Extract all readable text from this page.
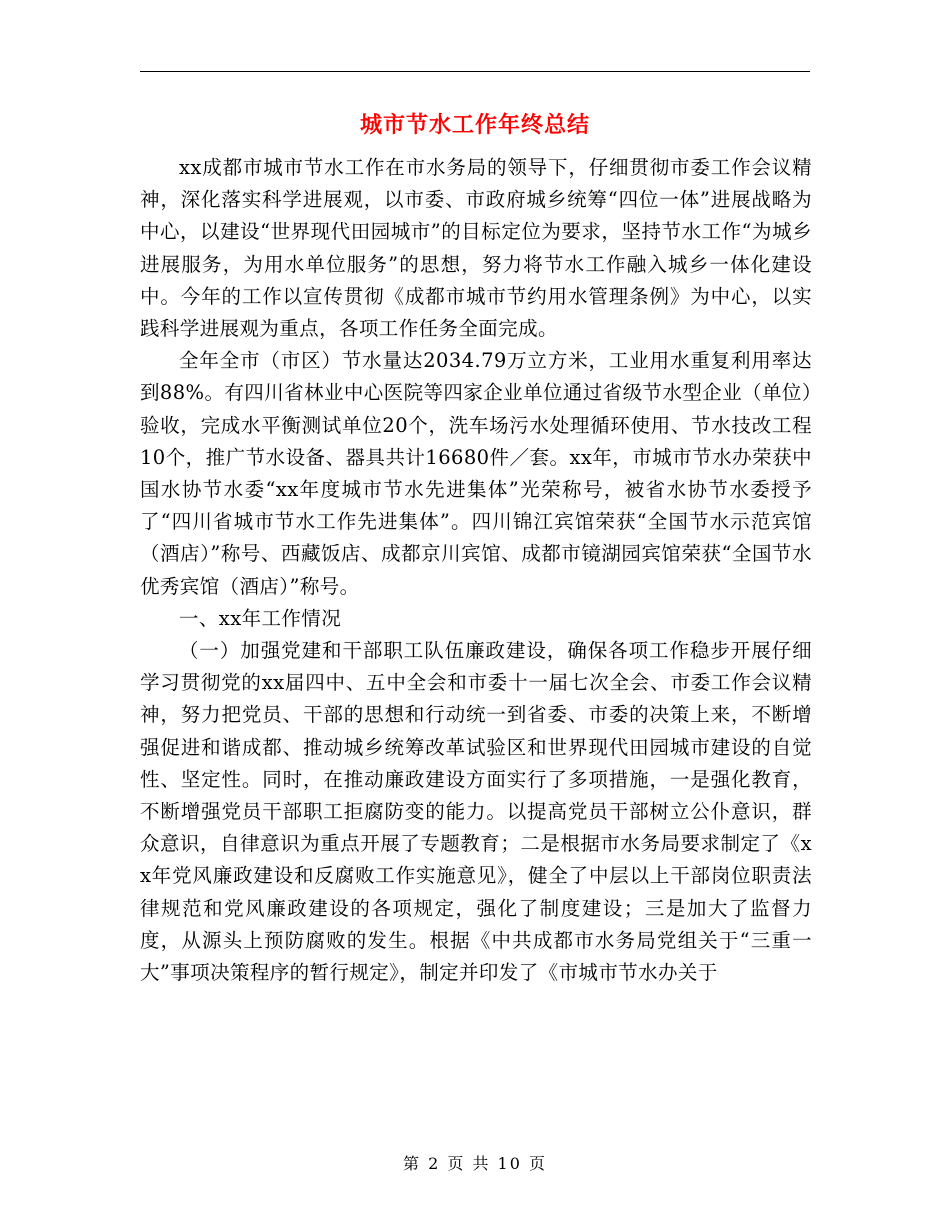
城市节水工作年终总结

xx成都市城市节水工作在市水务局的领导下，仔细贯彻市委工作会议精神，深化落实科学进展观，以市委、市政府城乡统筹“四位一体”进展战略为中心，以建设“世界现代田园城市”的目标定位为要求，坚持节水工作“为城乡进展服务，为用水单位服务”的思想，努力将节水工作融入城乡一体化建设中。今年的工作以宣传贯彻《成都市城市节约用水管理条例》为中心，以实践科学进展观为重点，各项工作任务全面完成。

全年全市（市区）节水量达2034.79万立方米，工业用水重复利用率达到88%。有四川省林业中心医院等四家企业单位通过省级节水型企业（单位）验收，完成水平衡测试单位20个，洗车场污水处理循环使用、节水技改工程10个，推广节水设备、器具共计16680件／套。xx年，市城市节水办荣获中国水协节水委“xx年度城市节水先进集体”光荣称号，被省水协节水委授予了“四川省城市节水工作先进集体”。四川锦江宾馆荣获“全国节水示范宾馆（酒店）”称号、西藏饭店、成都京川宾馆、成都市镜湖园宾馆荣获“全国节水优秀宾馆（酒店）”称号。

一、xx年工作情况

（一）加强党建和干部职工队伍廉政建设，确保各项工作稳步开展仔细学习贯彻党的xx届四中、五中全会和市委十一届七次全会、市委工作会议精神，努力把党员、干部的思想和行动统一到省委、市委的决策上来，不断增强促进和谐成都、推动城乡统筹改革试验区和世界现代田园城市建设的自觉性、坚定性。同时，在推动廉政建设方面实行了多项措施，一是强化教育，不断增强党员干部职工拒腐防变的能力。以提高党员干部树立公仆意识，群众意识，自律意识为重点开展了专题教育；二是根据市水务局要求制定了《xx年党风廉政建设和反腐败工作实施意见》，健全了中层以上干部岗位职责法律规范和党风廉政建设的各项规定，强化了制度建设；三是加大了监督力度，从源头上预防腐败的发生。根据《中共成都市水务局党组关于“三重一大”事项决策程序的暂行规定》，制定并印发了《市城市节水办关于

第 2 页 共 10 页
